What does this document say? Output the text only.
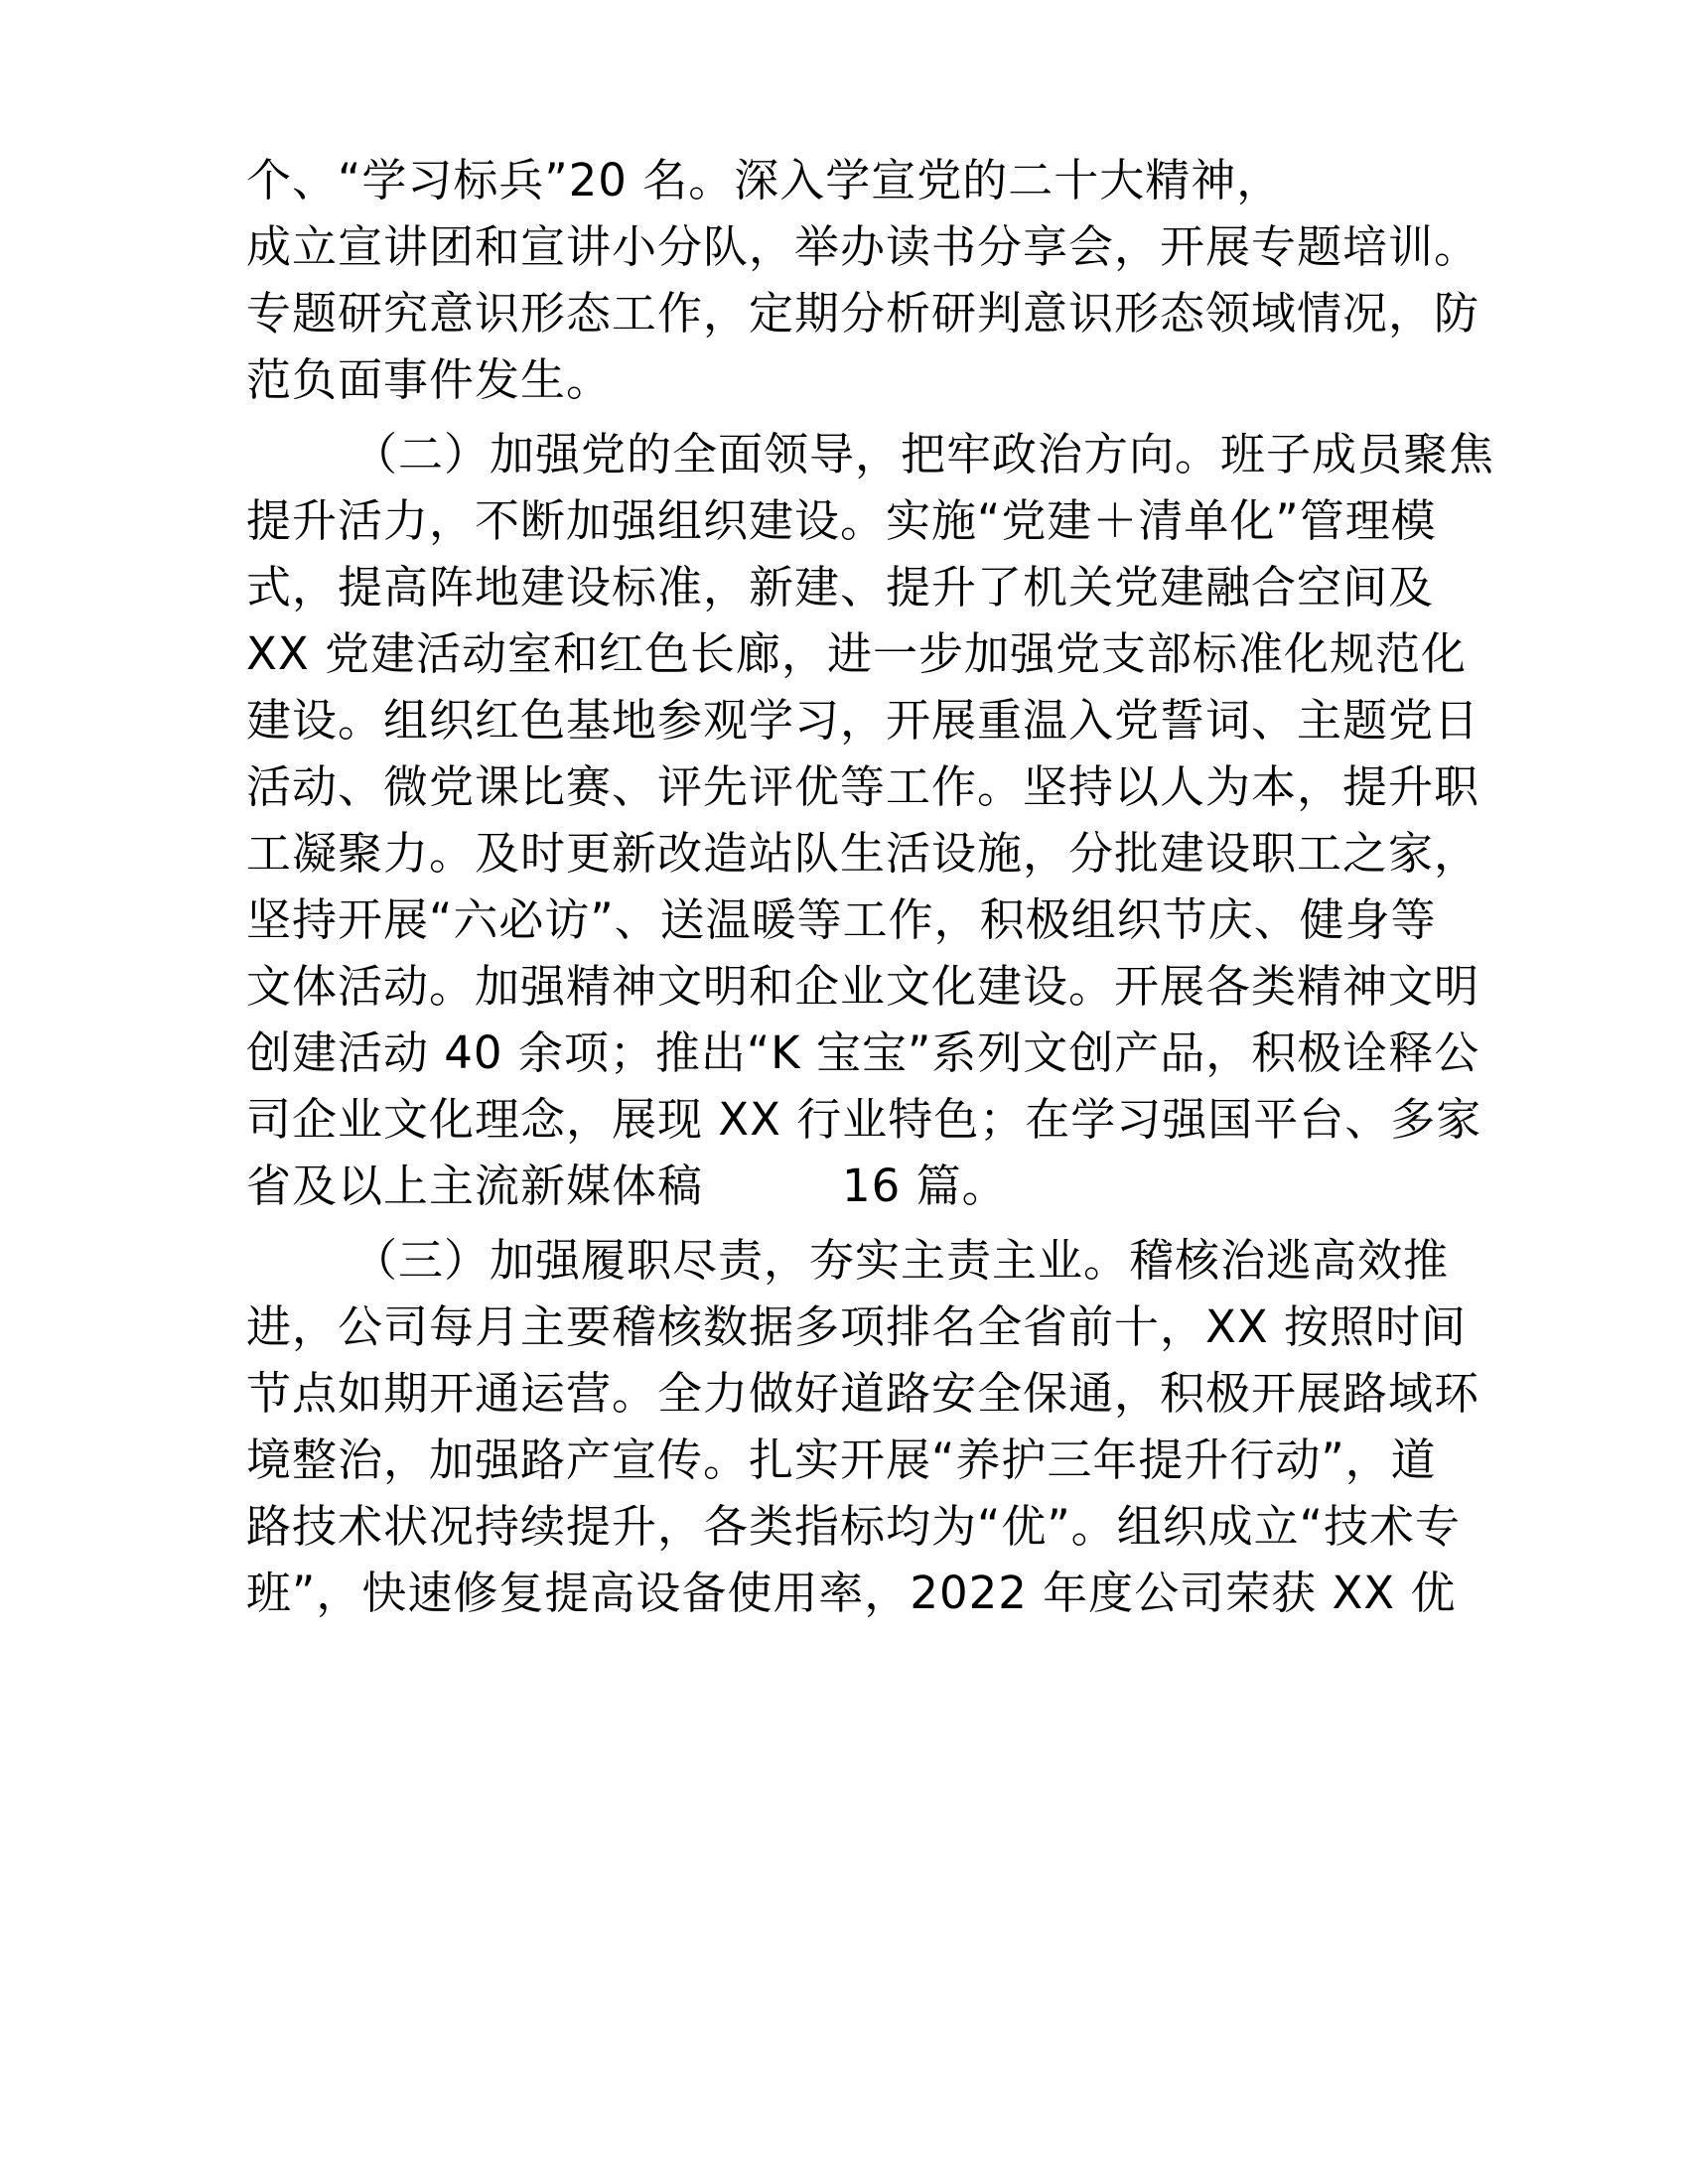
个、“学习标兵”20 名。深入学宣党的二十大精神，
成立宣讲团和宣讲小分队，举办读书分享会，开展专题培训。
专题研究意识形态工作，定期分析研判意识形态领域情况，防
范负面事件发生。
（二）加强党的全面领导，把牢政治方向。班子成员聚焦
提升活力，不断加强组织建设。实施“党建＋清单化”管理模
式，提高阵地建设标准，新建、提升了机关党建融合空间及
XX 党建活动室和红色长廊，进一步加强党支部标准化规范化
建设。组织红色基地参观学习，开展重温入党誓词、主题党日
活动、微党课比赛、评先评优等工作。坚持以人为本，提升职
工凝聚力。及时更新改造站队生活设施，分批建设职工之家，
坚持开展“六必访”、送温暖等工作，积极组织节庆、健身等
文体活动。加强精神文明和企业文化建设。开展各类精神文明
创建活动 40 余项；推出“K 宝宝”系列文创产品，积极诠释公
司企业文化理念，展现 XX 行业特色；在学习强国平台、多家
省及以上主流新媒体稿	16 篇。
（三）加强履职尽责，夯实主责主业。稽核治逃高效推
进，公司每月主要稽核数据多项排名全省前十，XX 按照时间
节点如期开通运营。全力做好道路安全保通，积极开展路域环
境整治，加强路产宣传。扎实开展“养护三年提升行动”，道
路技术状况持续提升，各类指标均为“优”。组织成立“技术专
班”，快速修复提高设备使用率，2022 年度公司荣获 XX 优
